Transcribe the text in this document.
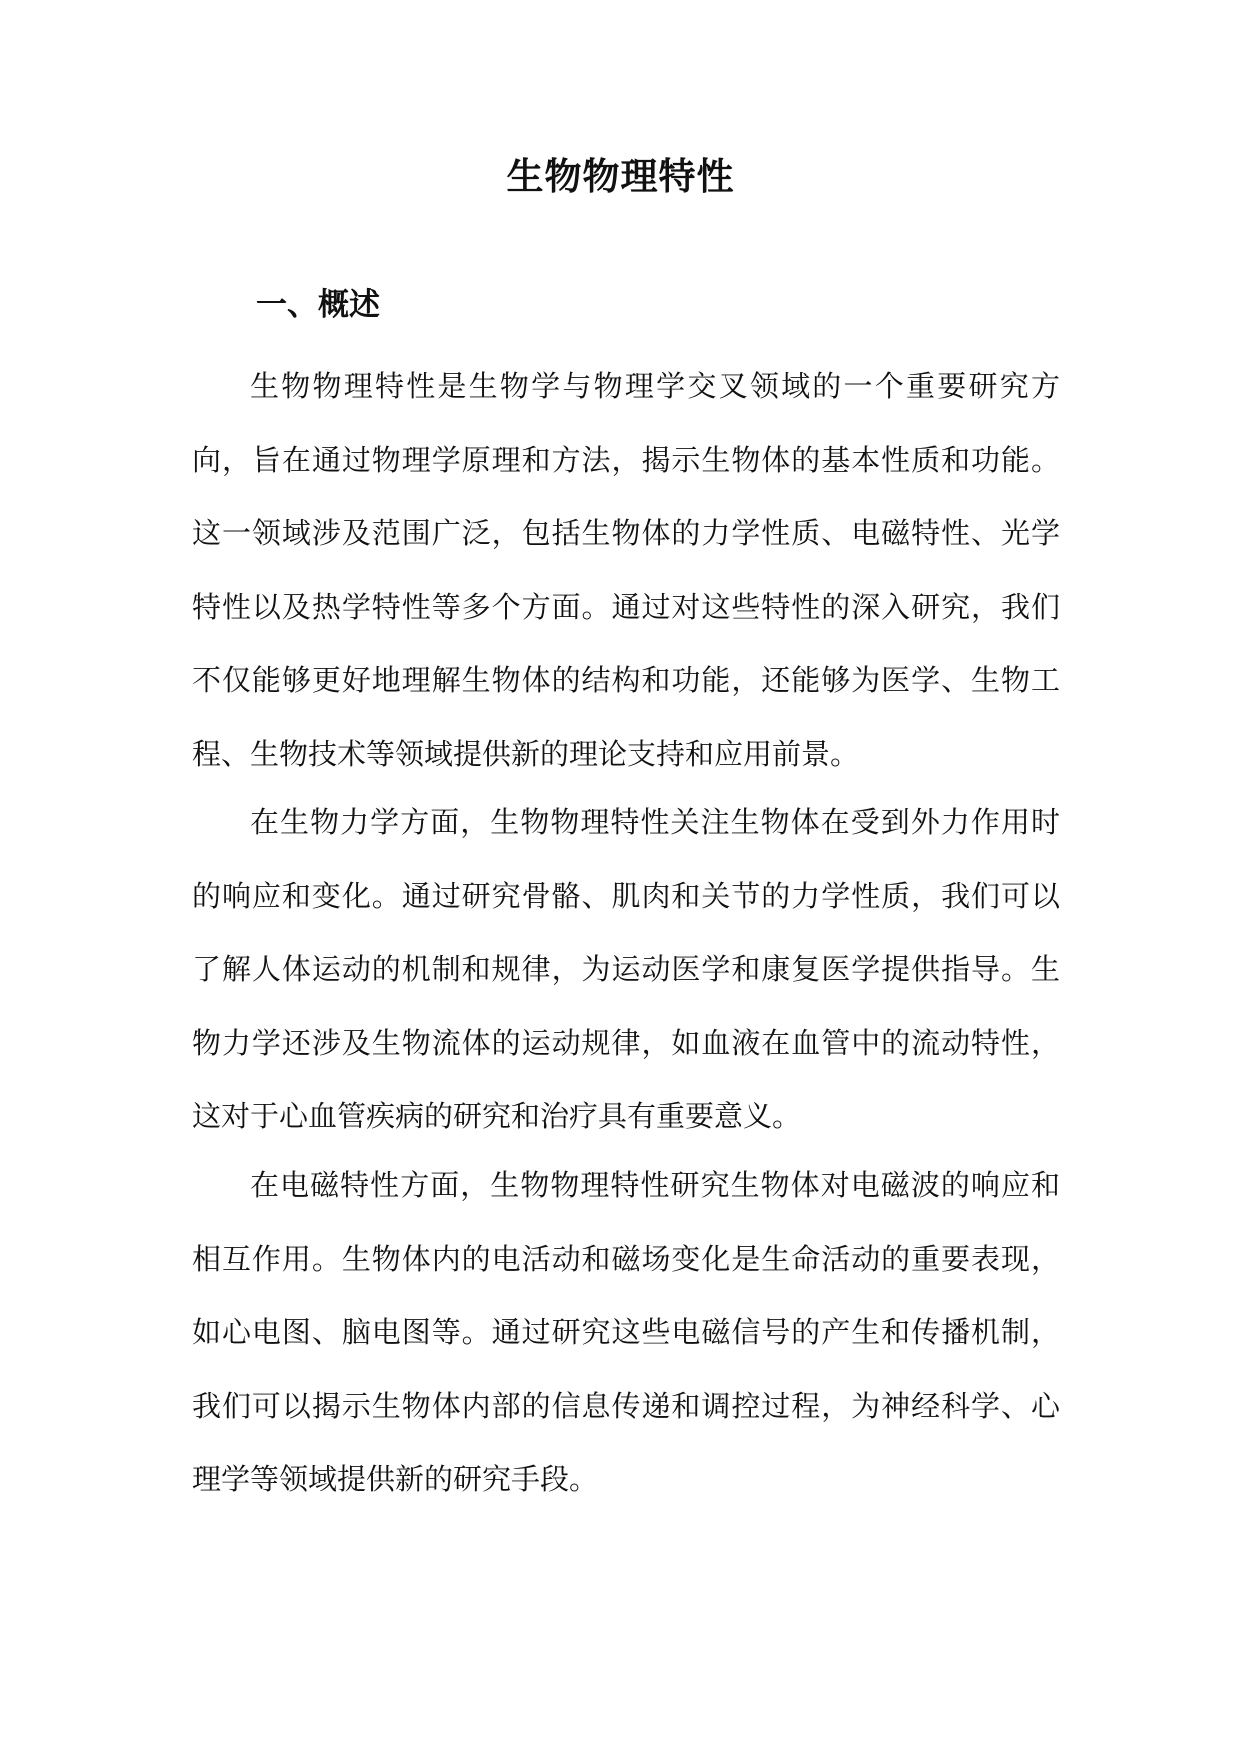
生物物理特性
一、概述

生物物理特性是生物学与物理学交叉领域的一个重要研究方向，旨在通过物理学原理和方法，揭示生物体的基本性质和功能。这一领域涉及范围广泛，包括生物体的力学性质、电磁特性、光学特性以及热学特性等多个方面。通过对这些特性的深入研究，我们不仅能够更好地理解生物体的结构和功能，还能够为医学、生物工程、生物技术等领域提供新的理论支持和应用前景。

在生物力学方面，生物物理特性关注生物体在受到外力作用时的响应和变化。通过研究骨骼、肌肉和关节的力学性质，我们可以了解人体运动的机制和规律，为运动医学和康复医学提供指导。生物力学还涉及生物流体的运动规律，如血液在血管中的流动特性，这对于心血管疾病的研究和治疗具有重要意义。

在电磁特性方面，生物物理特性研究生物体对电磁波的响应和相互作用。生物体内的电活动和磁场变化是生命活动的重要表现，如心电图、脑电图等。通过研究这些电磁信号的产生和传播机制，我们可以揭示生物体内部的信息传递和调控过程，为神经科学、心理学等领域提供新的研究手段。
